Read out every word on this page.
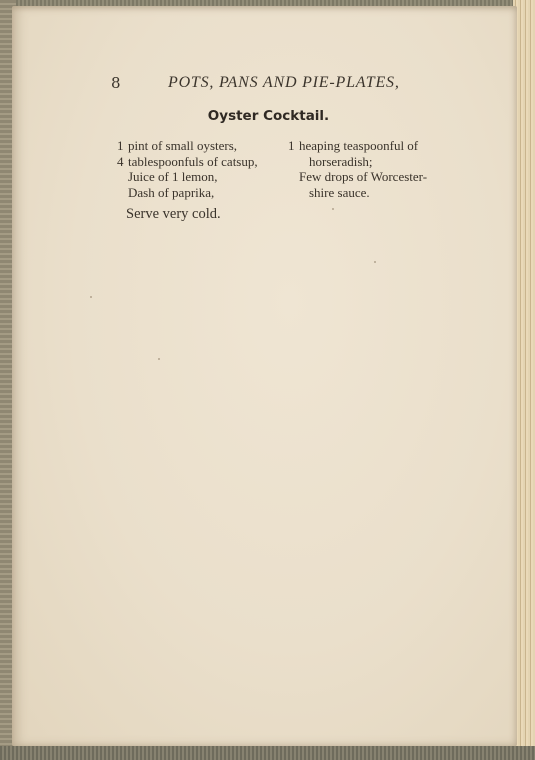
8	POTS, PANS AND PIE-PLATES,
Oyster Cocktail.
1 pint of small oysters,
4 tablespoonfuls of catsup,
Juice of 1 lemon,
Dash of paprika,
1 heaping teaspoonful of
horseradish;
Few drops of Worcester-
shire sauce.
Serve very cold.
